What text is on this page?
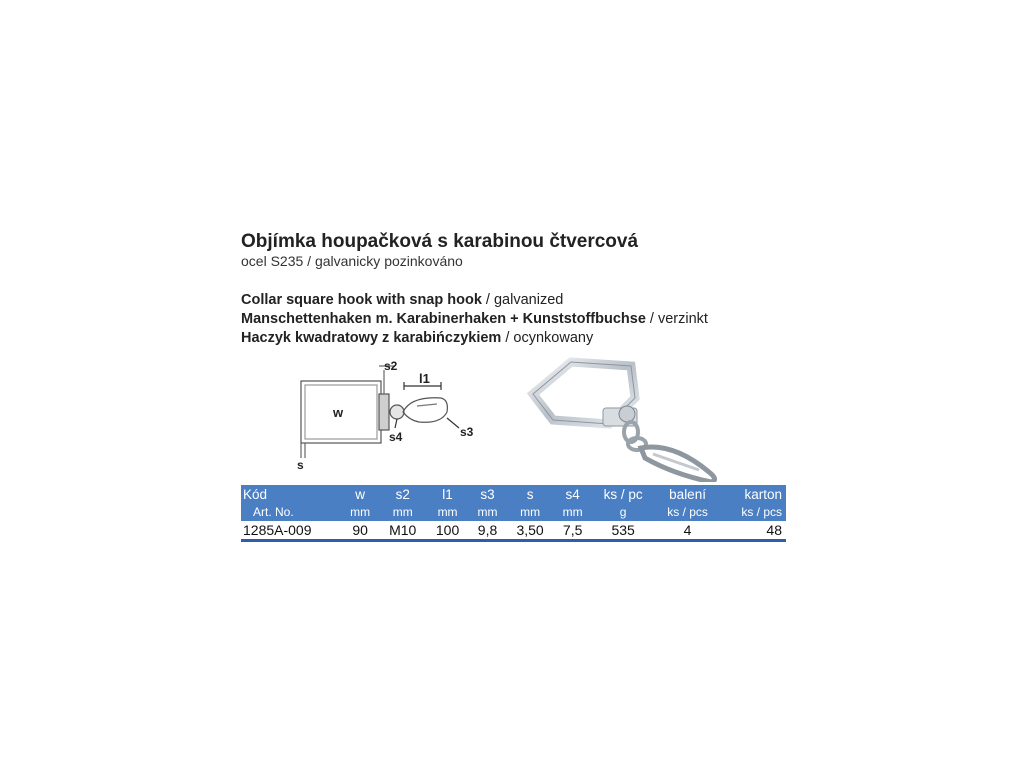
Objímka houpačková s karabinou čtvercová

ocel S235 / galvanicky pozinkováno

Collar square hook with snap hook / galvanized
Manschettenhaken m. Karabinerhaken + Kunststoffbuchse / verzinkt
Haczyk kwadratowy z karabińczykiem / ocynkowany
w
s2
l1
s4	s3
s
Kód	w	s2	l1	s3	s	s4	ks / pc	balení	karton
Art. No.	mm	mm	mm	mm	mm	mm	g	ks / pcs	ks / pcs
1285A-009	90	M10	100	9,8	3,50	7,5	535	4	48
